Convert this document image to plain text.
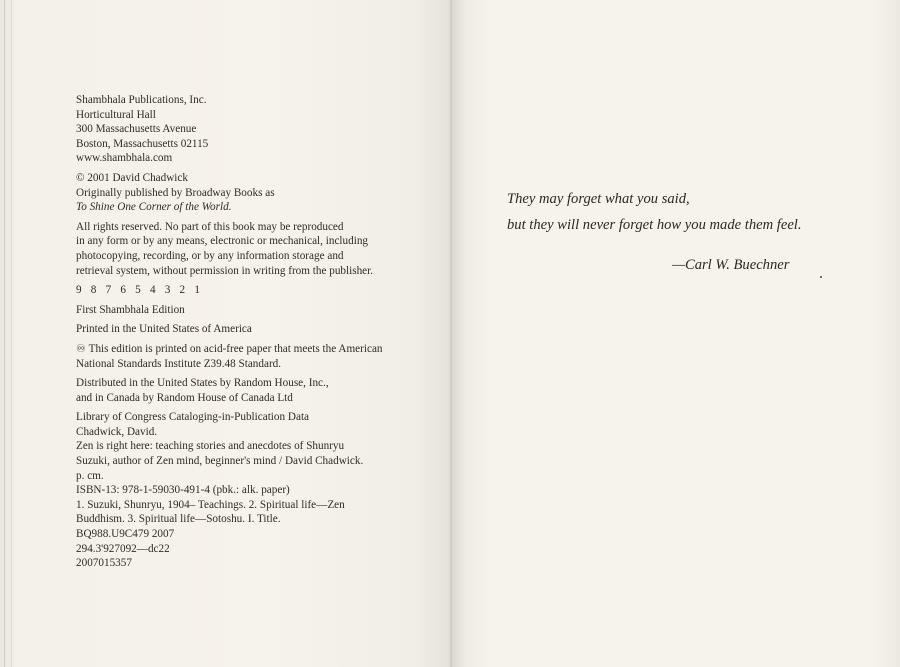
Shambhala Publications, Inc.
Horticultural Hall
300 Massachusetts Avenue
Boston, Massachusetts 02115
www.shambhala.com
© 2001 David Chadwick
Originally published by Broadway Books as
To Shine One Corner of the World.
All rights reserved. No part of this book may be reproduced
in any form or by any means, electronic or mechanical, including
photocopying, recording, or by any information storage and
retrieval system, without permission in writing from the publisher.
9 8 7 6 5 4 3 2 1
First Shambhala Edition
Printed in the United States of America
♾ This edition is printed on acid-free paper that meets the American
National Standards Institute Z39.48 Standard.
Distributed in the United States by Random House, Inc.,
and in Canada by Random House of Canada Ltd
Library of Congress Cataloging-in-Publication Data
Chadwick, David.
Zen is right here: teaching stories and anecdotes of Shunryu
Suzuki, author of Zen mind, beginner's mind / David Chadwick.
p. cm.
ISBN-13: 978-1-59030-491-4 (pbk.: alk. paper)
1. Suzuki, Shunryu, 1904– Teachings. 2. Spiritual life—Zen
Buddhism. 3. Spiritual life—Sotoshu. I. Title.
BQ988.U9C479 2007
294.3'927092—dc22
2007015357
They may forget what you said,
but they will never forget how you made them feel.
—Carl W. Buechner
